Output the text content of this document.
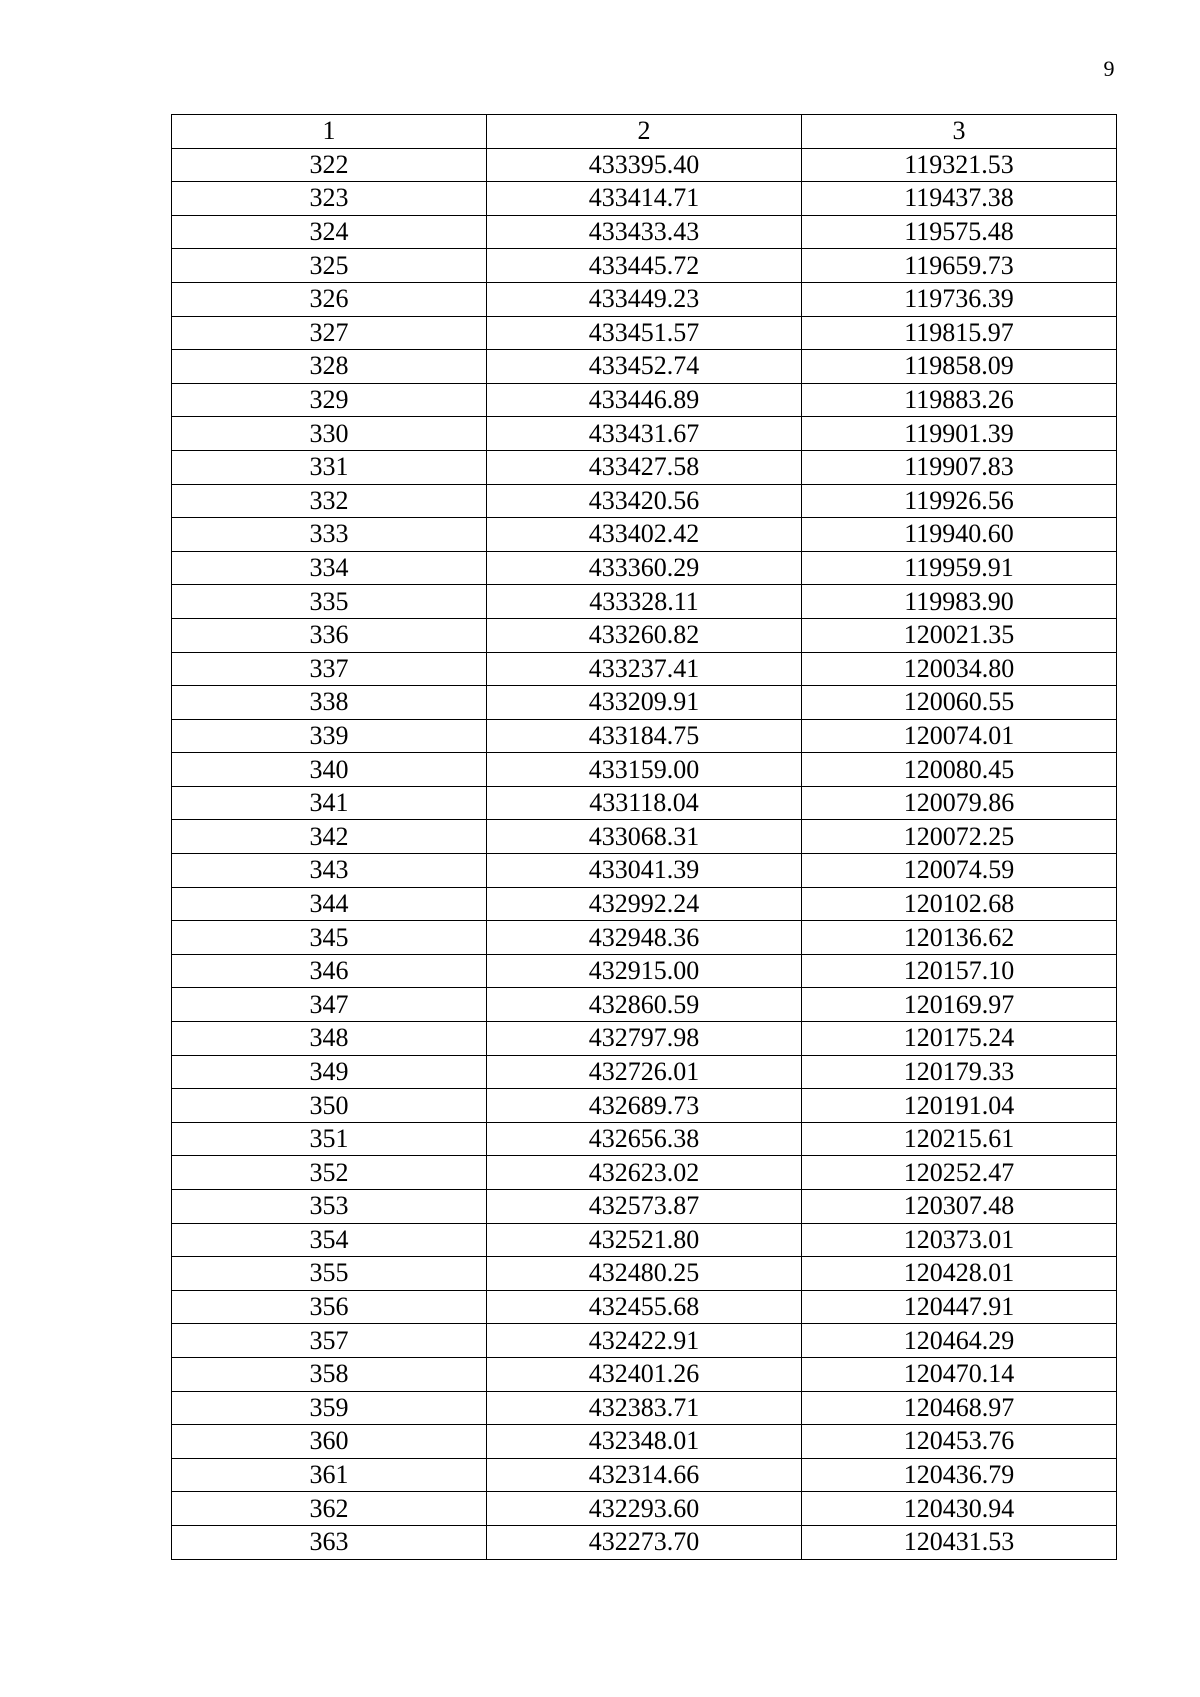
9
1	2	3
322	433395.40	119321.53
323	433414.71	119437.38
324	433433.43	119575.48
325	433445.72	119659.73
326	433449.23	119736.39
327	433451.57	119815.97
328	433452.74	119858.09
329	433446.89	119883.26
330	433431.67	119901.39
331	433427.58	119907.83
332	433420.56	119926.56
333	433402.42	119940.60
334	433360.29	119959.91
335	433328.11	119983.90
336	433260.82	120021.35
337	433237.41	120034.80
338	433209.91	120060.55
339	433184.75	120074.01
340	433159.00	120080.45
341	433118.04	120079.86
342	433068.31	120072.25
343	433041.39	120074.59
344	432992.24	120102.68
345	432948.36	120136.62
346	432915.00	120157.10
347	432860.59	120169.97
348	432797.98	120175.24
349	432726.01	120179.33
350	432689.73	120191.04
351	432656.38	120215.61
352	432623.02	120252.47
353	432573.87	120307.48
354	432521.80	120373.01
355	432480.25	120428.01
356	432455.68	120447.91
357	432422.91	120464.29
358	432401.26	120470.14
359	432383.71	120468.97
360	432348.01	120453.76
361	432314.66	120436.79
362	432293.60	120430.94
363	432273.70	120431.53
